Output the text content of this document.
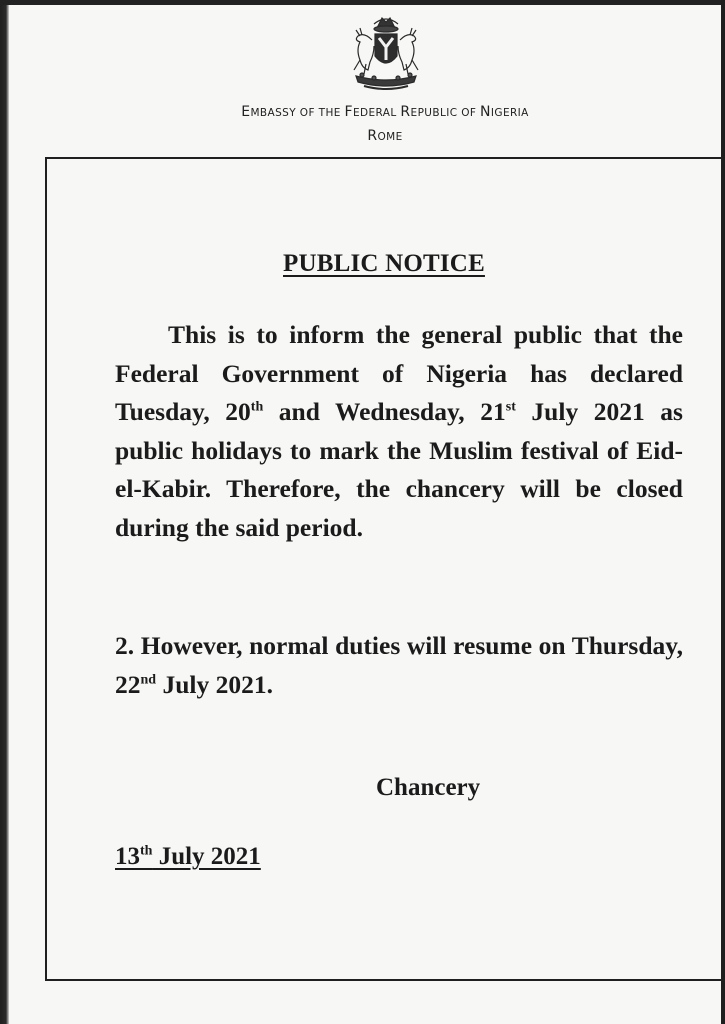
EMBASSY OF THE FEDERAL REPUBLIC OF NIGERIA
ROME
PUBLIC NOTICE
This is to inform the general public that the Federal Government of Nigeria has declared Tuesday, 20th and Wednesday, 21st July 2021 as public holidays to mark the Muslim festival of Eid-el-Kabir. Therefore, the chancery will be closed during the said period.
2. However, normal duties will resume on Thursday, 22nd July 2021.
Chancery
13th July 2021
